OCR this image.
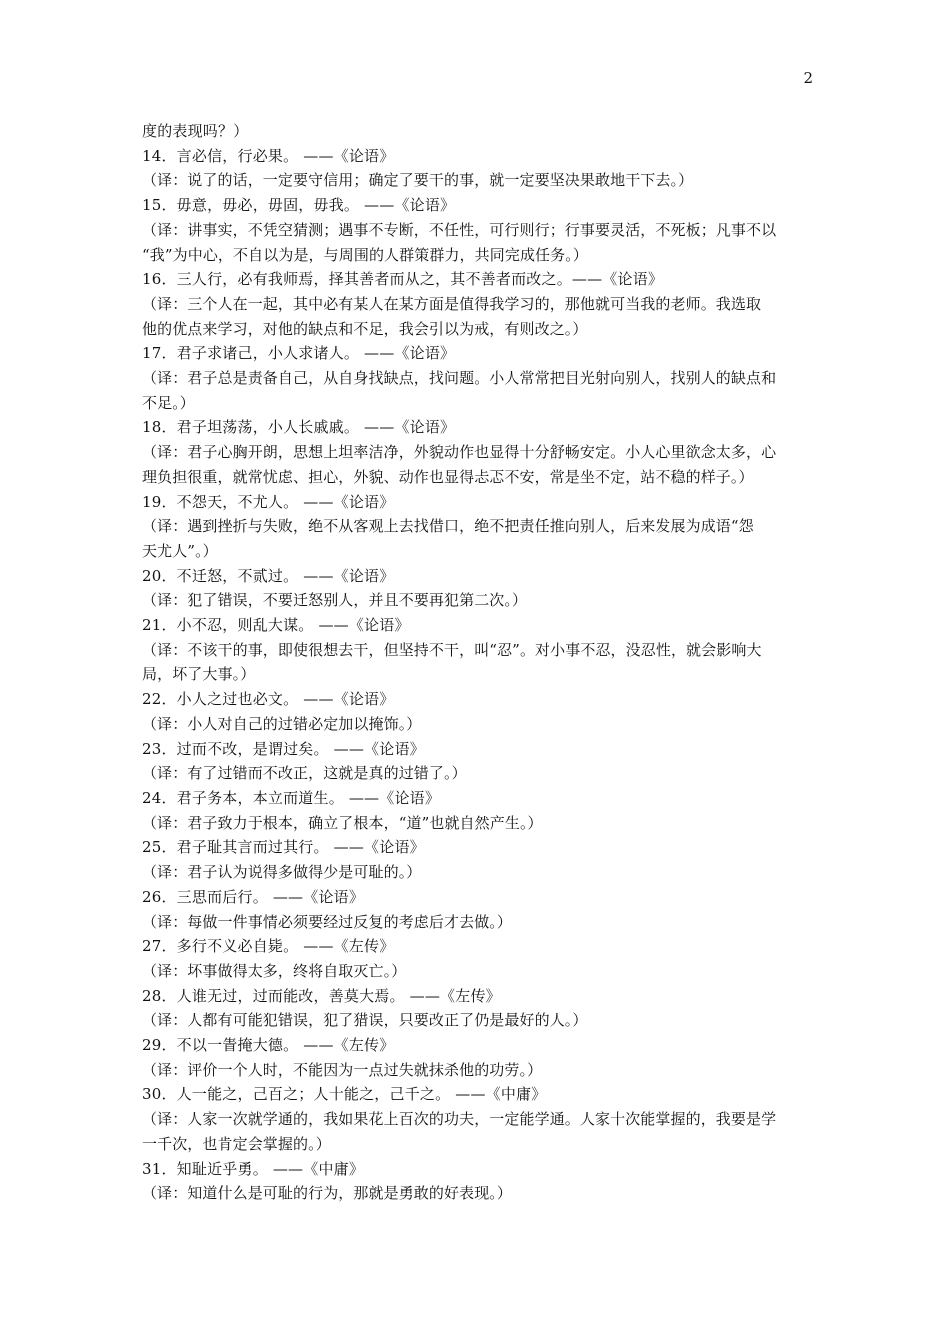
2
度的表现吗？）
14．言必信，行必果。 ——《论语》
（译：说了的话，一定要守信用；确定了要干的事，就一定要坚决果敢地干下去。）
15．毋意，毋必，毋固，毋我。 ——《论语》
（译：讲事实，不凭空猜测；遇事不专断，不任性，可行则行；行事要灵活，不死板；凡事不以
“我”为中心，不自以为是，与周围的人群策群力，共同完成任务。）
16．三人行，必有我师焉，择其善者而从之，其不善者而改之。——《论语》
（译：三个人在一起，其中必有某人在某方面是值得我学习的，那他就可当我的老师。我选取
他的优点来学习，对他的缺点和不足，我会引以为戒，有则改之。）
17．君子求诸己，小人求诸人。 ——《论语》
（译：君子总是责备自己，从自身找缺点，找问题。小人常常把目光射向别人，找别人的缺点和
不足。）
18．君子坦荡荡，小人长戚戚。 ——《论语》
（译：君子心胸开朗，思想上坦率洁净，外貌动作也显得十分舒畅安定。小人心里欲念太多，心
理负担很重，就常忧虑、担心，外貌、动作也显得忐忑不安，常是坐不定，站不稳的样子。）
19．不怨天，不尤人。 ——《论语》
（译：遇到挫折与失败，绝不从客观上去找借口，绝不把责任推向别人，后来发展为成语“怨
天尤人”。）
20．不迁怒，不贰过。 ——《论语》
（译：犯了错误，不要迁怒别人，并且不要再犯第二次。）
21．小不忍，则乱大谋。 ——《论语》
（译：不该干的事，即使很想去干，但坚持不干，叫“忍”。对小事不忍，没忍性，就会影响大
局，坏了大事。）
22．小人之过也必文。 ——《论语》
（译：小人对自己的过错必定加以掩饰。）
23．过而不改，是谓过矣。 ——《论语》
（译：有了过错而不改正，这就是真的过错了。）
24．君子务本，本立而道生。 ——《论语》
（译：君子致力于根本，确立了根本，“道”也就自然产生。）
25．君子耻其言而过其行。 ——《论语》
（译：君子认为说得多做得少是可耻的。）
26．三思而后行。 ——《论语》
（译：每做一件事情必须要经过反复的考虑后才去做。）
27．多行不义必自毙。 ——《左传》
（译：坏事做得太多，终将自取灭亡。）
28．人谁无过，过而能改，善莫大焉。 ——《左传》
（译：人都有可能犯错误，犯了猎误，只要改正了仍是最好的人。）
29．不以一眚掩大德。 ——《左传》
（译：评价一个人时，不能因为一点过失就抹杀他的功劳。）
30．人一能之，己百之；人十能之，己千之。 ——《中庸》
（译：人家一次就学通的，我如果花上百次的功夫，一定能学通。人家十次能掌握的，我要是学
一千次，也肯定会掌握的。）
31．知耻近乎勇。 ——《中庸》
（译：知道什么是可耻的行为，那就是勇敢的好表现。）
